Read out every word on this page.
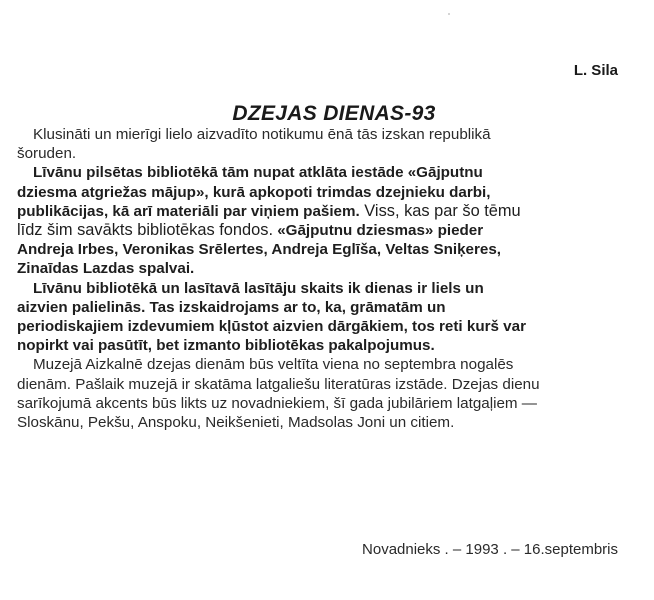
L. Sila
DZEJAS DIENAS-93

Klusināti un mierīgi lielo aizvadīto notikumu ēnā tās izskan republikā
šoruden.

Līvānu pilsētas bibliotēkā tām nupat atklāta iestāde «Gājputnu
dziesma atgriežas mājup», kurā apkopoti trimdas dzejnieku darbi,
publikācijas, kā arī materiāli par viņiem pašiem. Viss, kas par šo tēmu
līdz šim savākts bibliotēkas fondos. «Gājputnu dziesmas» pieder
Andreja Irbes, Veronikas Srēlertes, Andreja Eglīša, Veltas Sniķeres,
Zinaīdas Lazdas spalvai.

Līvānu bibliotēkā un lasītavā lasītāju skaits ik dienas ir liels un
aizvien palielinās. Tas izskaidrojams ar to, ka, grāmatām un
periodiskajiem izdevumiem kļūstot aizvien dārgākiem, tos reti kurš var
nopirkt vai pasūtīt, bet izmanto bibliotēkas pakalpojumus.

Muzejā Aizkalnē dzejas dienām būs veltīta viena no septembra nogalēs
dienām. Pašlaik muzejā ir skatāma latgaliešu literatūras izstāde. Dzejas dienu
sarīkojumā akcents būs likts uz novadniekiem, šī gada jubilāriem latgaļiem —
Sloskānu, Pekšu, Anspoku, Neikšenieti, Madsolas Joni un citiem.

Novadnieks . – 1993 . – 16.septembris
